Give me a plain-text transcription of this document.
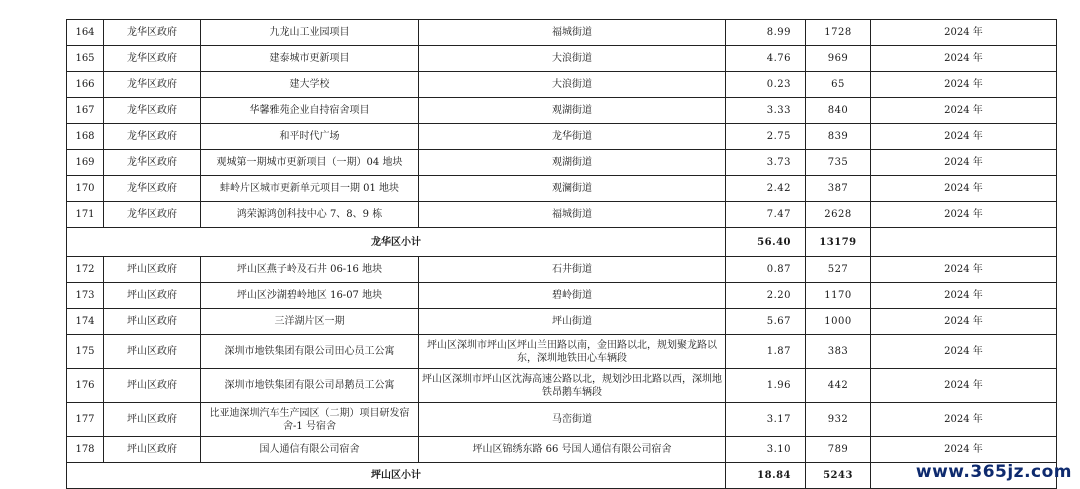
164	龙华区政府	九龙山工业园项目	福城街道	8.99	1728	2024 年
165	龙华区政府	建泰城市更新项目	大浪街道	4.76	969	2024 年
166	龙华区政府	建大学校	大浪街道	0.23	65	2024 年
167	龙华区政府	华馨雅苑企业自持宿舍项目	观湖街道	3.33	840	2024 年
168	龙华区政府	和平时代广场	龙华街道	2.75	839	2024 年
169	龙华区政府	观城第一期城市更新项目（一期）04 地块	观湖街道	3.73	735	2024 年
170	龙华区政府	蚌岭片区城市更新单元项目一期 01 地块	观澜街道	2.42	387	2024 年
171	龙华区政府	鸿荣源鸿创科技中心 7、8、9 栋	福城街道	7.47	2628	2024 年
龙华区小计				56.40	13179	
172	坪山区政府	坪山区燕子岭及石井 06-16 地块	石井街道	0.87	527	2024 年
173	坪山区政府	坪山区沙湖碧岭地区 16-07 地块	碧岭街道	2.20	1170	2024 年
174	坪山区政府	三洋湖片区一期	坪山街道	5.67	1000	2024 年
175	坪山区政府	深圳市地铁集团有限公司田心员工公寓	坪山区深圳市坪山区坪山兰田路以南，金田路以北，规划聚龙路以东，深圳地铁田心车辆段	1.87	383	2024 年
176	坪山区政府	深圳市地铁集团有限公司昂鹅员工公寓	坪山区深圳市坪山区沈海高速公路以北，规划沙田北路以西，深圳地铁昂鹅车辆段	1.96	442	2024 年
177	坪山区政府	比亚迪深圳汽车生产园区（二期）项目研发宿舍-1 号宿舍	马峦街道	3.17	932	2024 年
178	坪山区政府	国人通信有限公司宿舍	坪山区锦绣东路 66 号国人通信有限公司宿舍	3.10	789	2024 年
坪山区小计				18.84	5243		www.365jz.com
